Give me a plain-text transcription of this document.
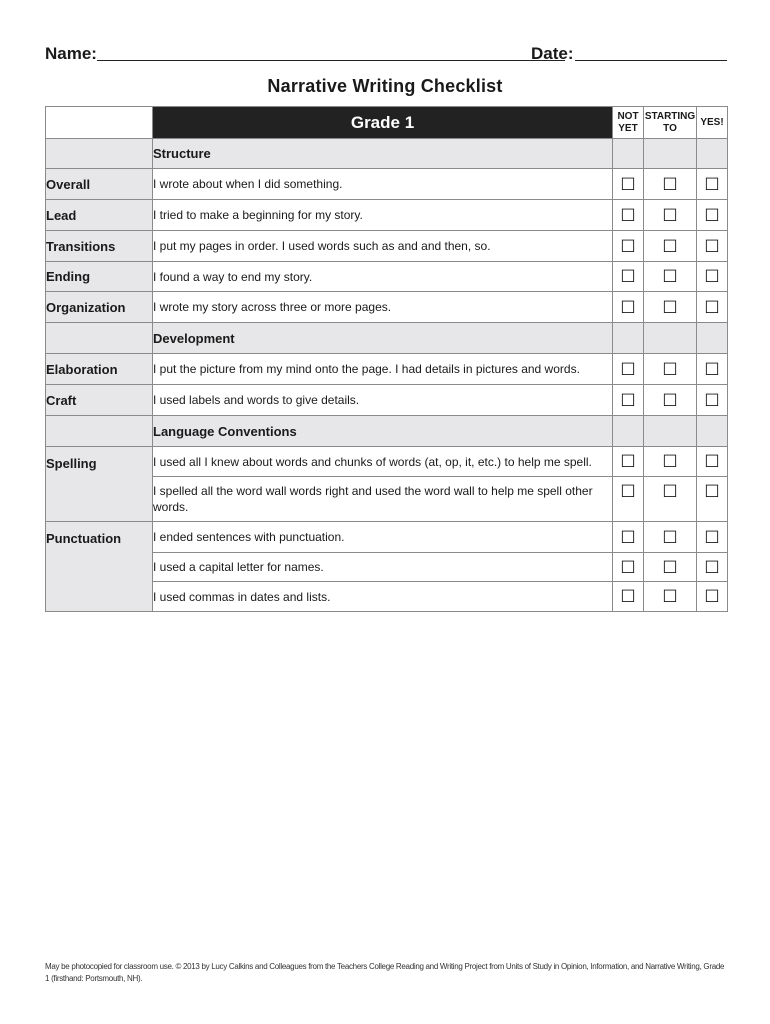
Name:	Date:
Narrative Writing Checklist
	Grade 1	NOT YET	STARTING TO	YES!
	Structure			
Overall	I wrote about when I did something.	☐	☐	☐
Lead	I tried to make a beginning for my story.	☐	☐	☐
Transitions	I put my pages in order. I used words such as and and then, so.	☐	☐	☐
Ending	I found a way to end my story.	☐	☐	☐
Organization	I wrote my story across three or more pages.	☐	☐	☐
	Development			
Elaboration	I put the picture from my mind onto the page. I had details in pictures and words.	☐	☐	☐
Craft	I used labels and words to give details.	☐	☐	☐
	Language Conventions			
Spelling	I used all I knew about words and chunks of words (at, op, it, etc.) to help me spell.	☐	☐	☐
	I spelled all the word wall words right and used the word wall to help me spell other words.	☐	☐	☐
Punctuation	I ended sentences with punctuation.	☐	☐	☐
	I used a capital letter for names.	☐	☐	☐
	I used commas in dates and lists.	☐	☐	☐
May be photocopied for classroom use. © 2013 by Lucy Calkins and Colleagues from the Teachers College Reading and Writing Project from Units of Study in Opinion, Information, and Narrative Writing, Grade 1 (firsthand: Portsmouth, NH).
